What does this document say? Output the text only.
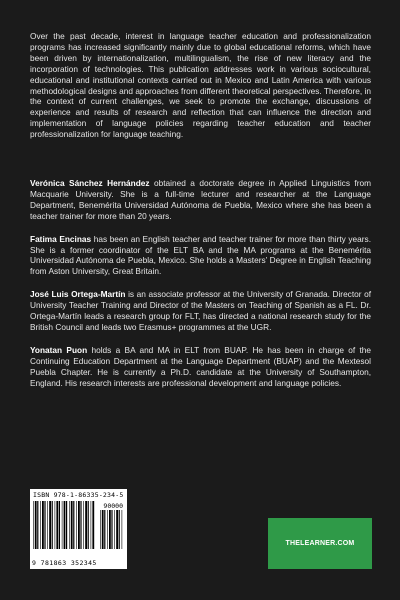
Over the past decade, interest in language teacher education and professionalization programs has increased significantly mainly due to global educational reforms, which have been driven by internationalization, multilingualism, the rise of new literacy and the incorporation of technologies. This publication addresses work in various sociocultural, educational and institutional contexts carried out in Mexico and Latin America with various methodological designs and approaches from different theoretical perspectives. Therefore, in the context of current challenges, we seek to promote the exchange, discussions of experience and results of research and reflection that can influence the direction and implementation of language policies regarding teacher education and teacher professionalization for language teaching.

Verónica Sánchez Hernández obtained a doctorate degree in Applied Linguistics from Macquarie University. She is a full-time lecturer and researcher at the Language Department, Benemérita Universidad Autónoma de Puebla, Mexico where she has been a teacher trainer for more than 20 years.

Fatima Encinas has been an English teacher and teacher trainer for more than thirty years. She is a former coordinator of the ELT BA and the MA programs at the Benemérita Universidad Autónoma de Puebla, Mexico. She holds a Masters’ Degree in English Teaching from Aston University, Great Britain.

José Luis Ortega-Martín is an associate professor at the University of Granada. Director of University Teacher Training and Director of the Masters on Teaching of Spanish as a FL. Dr. Ortega-Martín leads a research group for FLT, has directed a national research study for the British Council and leads two Erasmus+ programmes at the UGR.

Yonatan Puon holds a BA and MA in ELT from BUAP. He has been in charge of the Continuing Education Department at the Language Department (BUAP) and the Mextesol Puebla Chapter. He is currently a Ph.D. candidate at the University of Southampton, England. His research interests are professional development and language policies.

ISBN 978-1-86335-234-5
90000
9 781863 352345
THELEARNER.COM
